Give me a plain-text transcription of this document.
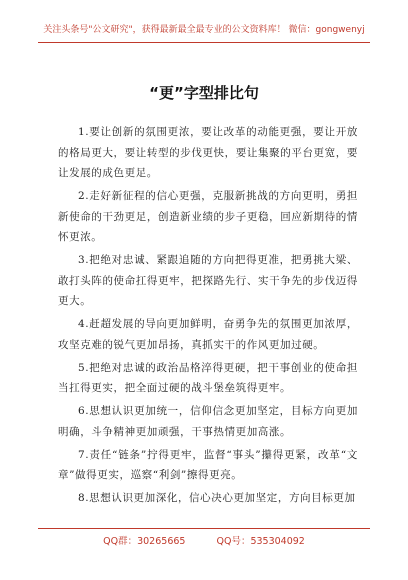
关注头条号"公文研究"，获得最新最全最专业的公文资料库！ 微信：gongwenyj
“更”字型排比句

1.要让创新的氛围更浓，要让改革的动能更强，要让开放的格局更大，要让转型的步伐更快，要让集聚的平台更宽，要让发展的成色更足。

2.走好新征程的信心更强，克服新挑战的方向更明，勇担新使命的干劲更足，创造新业绩的步子更稳，回应新期待的情怀更浓。

3.把绝对忠诚、紧跟追随的方向把得更准，把勇挑大梁、敢打头阵的使命扛得更牢，把探路先行、实干争先的步伐迈得更大。

4.赶超发展的导向更加鲜明，奋勇争先的氛围更加浓厚，攻坚克难的锐气更加昂扬，真抓实干的作风更加过硬。

5.把绝对忠诚的政治品格淬得更硬，把干事创业的使命担当扛得更实，把全面过硬的战斗堡垒筑得更牢。

6.思想认识更加统一，信仰信念更加坚定，目标方向更加明确，斗争精神更加顽强，干事热情更加高涨。

7.责任“链条”拧得更牢，监督“事头”攥得更紧，改革“文章”做得更实，巡察“利剑”擦得更亮。

8.思想认识更加深化，信心决心更加坚定，方向目标更加

QQ群：30265665	QQ号：535304092
